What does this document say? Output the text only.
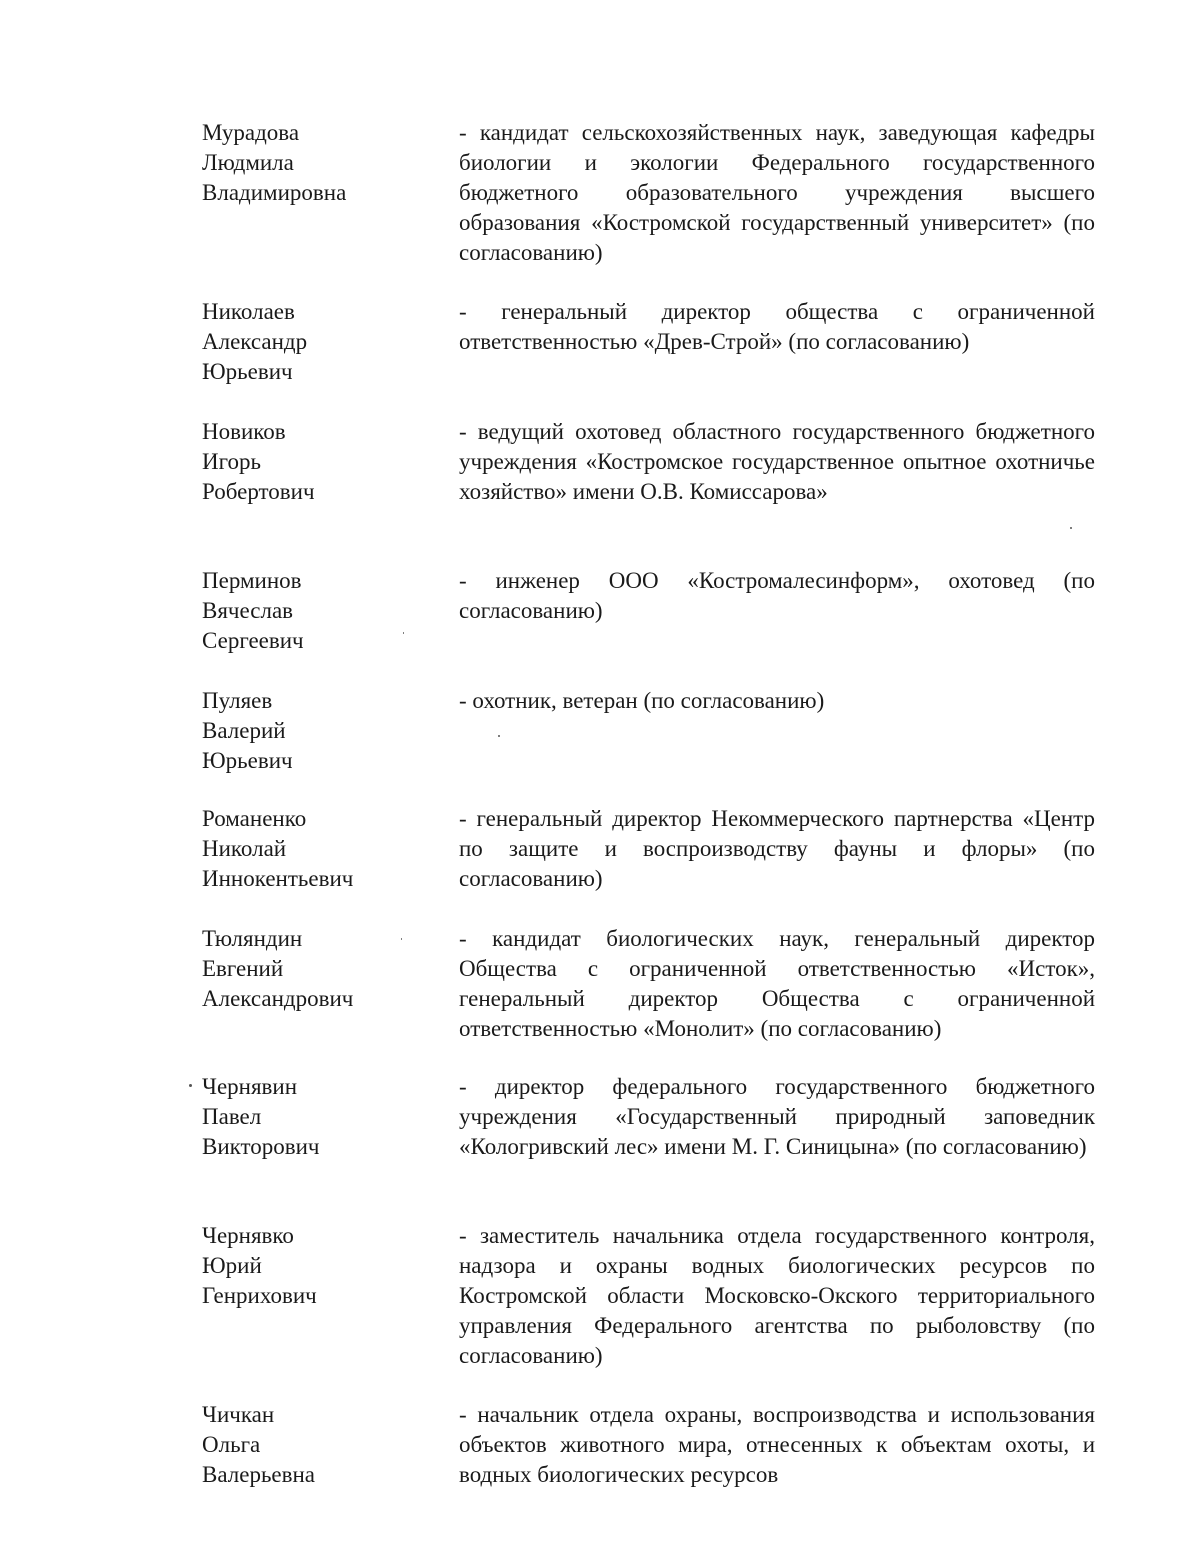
Мурадова
Людмила
Владимировна
- кандидат сельскохозяйственных наук, заведующая кафедры биологии и экологии Федерального государственного бюджетного образовательного учреждения высшего образования «Костромской государственный университет» (по согласованию)
Николаев
Александр
Юрьевич
- генеральный директор общества с ограниченной ответственностью «Древ-Строй» (по согласованию)
Новиков
Игорь
Робертович
- ведущий охотовед областного государственного бюджетного учреждения «Костромское государственное опытное охотничье хозяйство» имени О.В. Комиссарова»
Перминов
Вячеслав
Сергеевич
- инженер ООО «Костромалесинформ», охотовед (по согласованию)
Пуляев
Валерий
Юрьевич
- охотник, ветеран (по согласованию)
Романенко
Николай
Иннокентьевич
- генеральный директор Некоммерческого партнерства «Центр по защите и воспроизводству фауны и флоры» (по согласованию)
Тюляндин
Евгений
Александрович
- кандидат биологических наук, генеральный директор Общества с ограниченной ответственностью «Исток», генеральный директор Общества с ограниченной ответственностью «Монолит» (по согласованию)
Чернявин
Павел
Викторович
- директор федерального государственного бюджетного учреждения «Государственный природный заповедник «Кологривский лес» имени М. Г. Синицына» (по согласованию)
Чернявко
Юрий
Генрихович
- заместитель начальника отдела государственного контроля, надзора и охраны водных биологических ресурсов по Костромской области Московско-Окского территориального управления Федерального агентства по рыболовству (по согласованию)
Чичкан
Ольга
Валерьевна
- начальник отдела охраны, воспроизводства и использования объектов животного мира, отнесенных к объектам охоты, и водных биологических ресурсов
